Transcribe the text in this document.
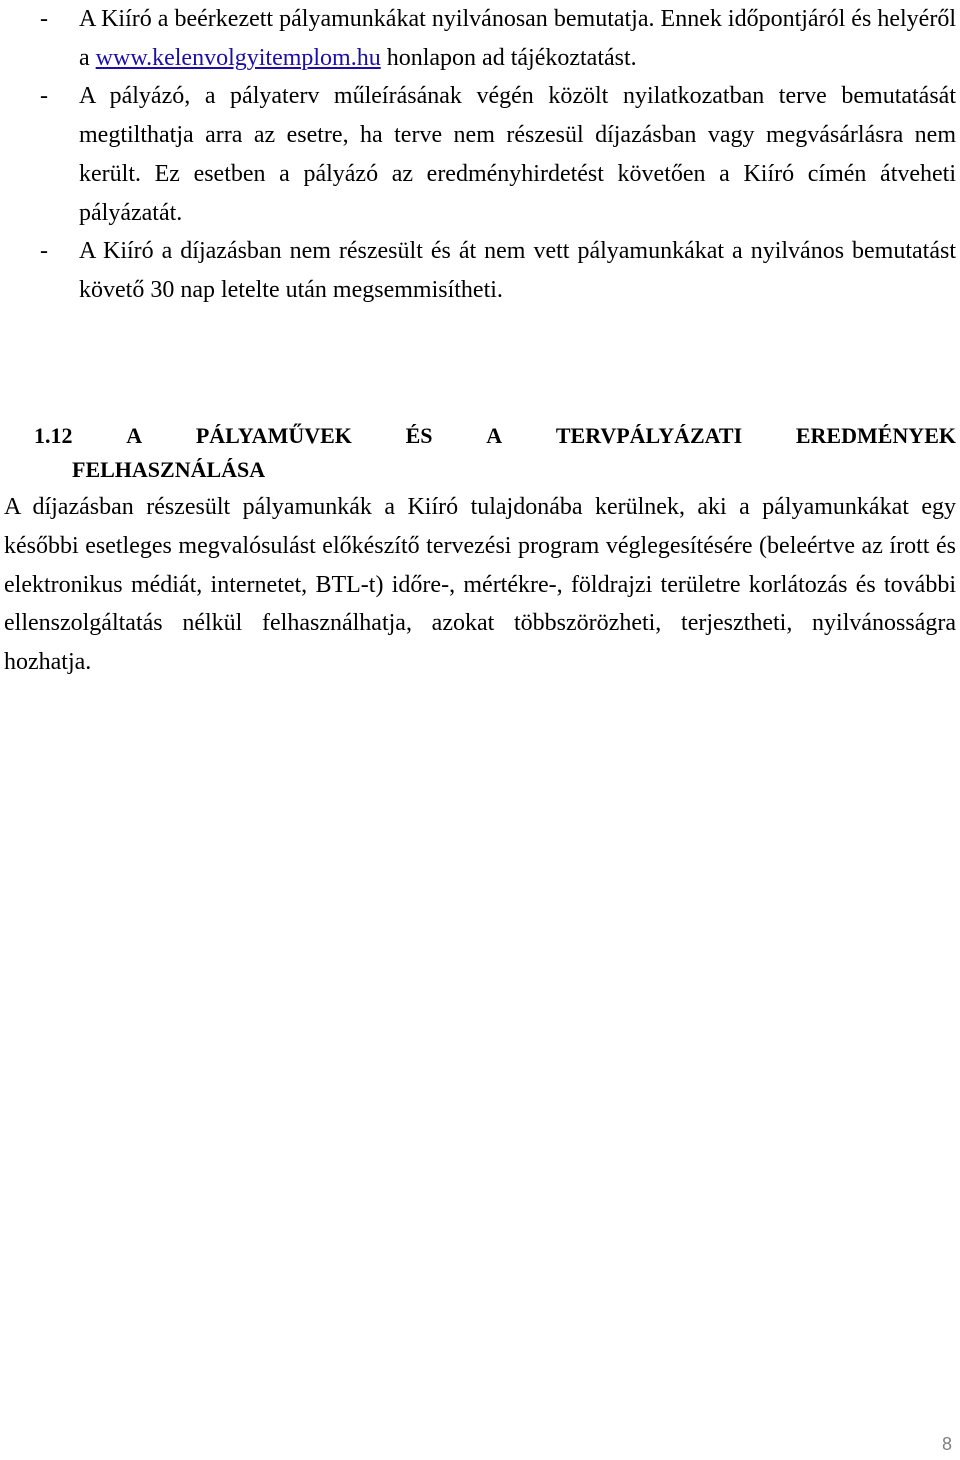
- A Kiíró a beérkezett pályamunkákat nyilvánosan bemutatja. Ennek időpontjáról és helyéről a www.kelenvolgyitemplom.hu honlapon ad tájékoztatást.
- A pályázó, a pályaterv műleírásának végén közölt nyilatkozatban terve bemutatását megtilthatja arra az esetre, ha terve nem részesül díjazásban vagy megvásárlásra nem került. Ez esetben a pályázó az eredményhirdetést követően a Kiíró címén átveheti pályázatát.
- A Kiíró a díjazásban nem részesült és át nem vett pályamunkákat a nyilvános bemutatást követő 30 nap letelte után megsemmisítheti.
1.12 A PÁLYAMŰVEK ÉS A TERVPÁLYÁZATI EREDMÉNYEK
FELHASZNÁLÁSA
A díjazásban részesült pályamunkák a Kiíró tulajdonába kerülnek, aki a pályamunkákat egy későbbi esetleges megvalósulást előkészítő tervezési program véglegesítésére (beleértve az írott és elektronikus médiát, internetet, BTL-t) időre-, mértékre-, földrajzi területre korlátozás és további ellenszolgáltatás nélkül felhasználhatja, azokat többszörözheti, terjesztheti, nyilvánosságra hozhatja.
8
